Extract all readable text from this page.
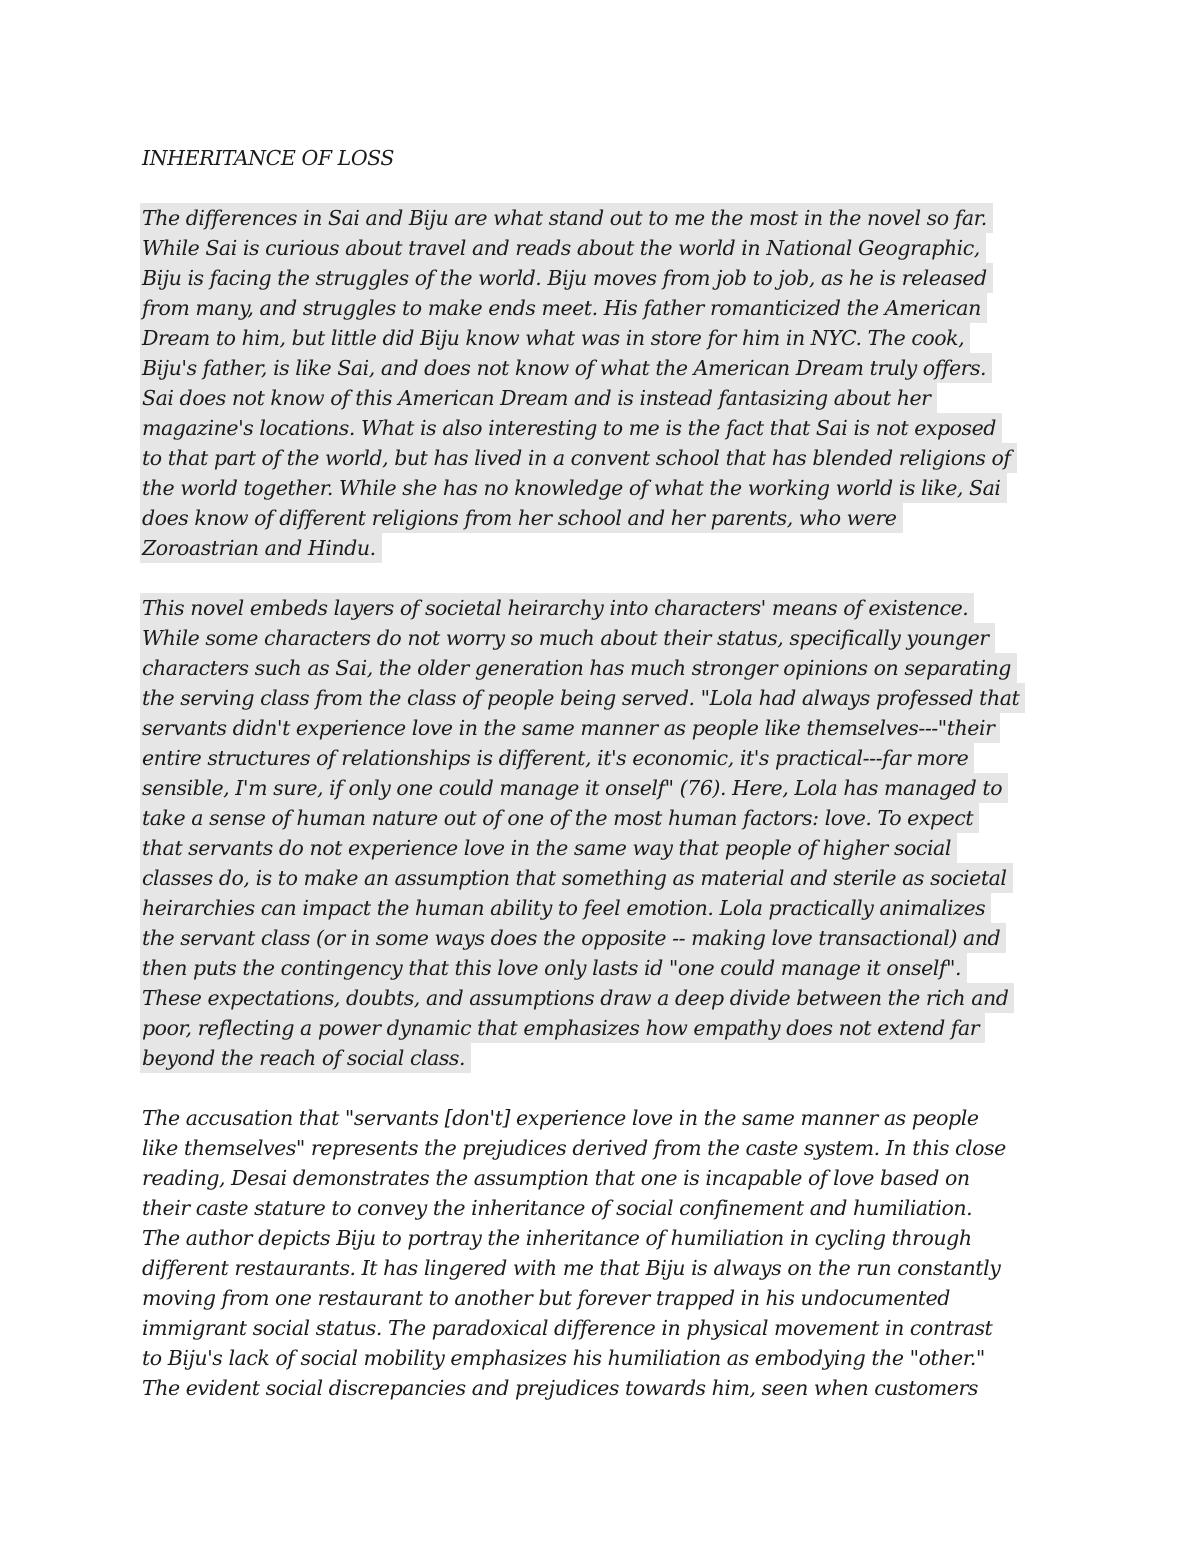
INHERITANCE OF LOSS
The differences in Sai and Biju are what stand out to me the most in the novel so far.
While Sai is curious about travel and reads about the world in National Geographic,
Biju is facing the struggles of the world. Biju moves from job to job, as he is released
from many, and struggles to make ends meet. His father romanticized the American
Dream to him, but little did Biju know what was in store for him in NYC. The cook,
Biju's father, is like Sai, and does not know of what the American Dream truly offers.
Sai does not know of this American Dream and is instead fantasizing about her
magazine's locations. What is also interesting to me is the fact that Sai is not exposed
to that part of the world, but has lived in a convent school that has blended religions of
the world together. While she has no knowledge of what the working world is like, Sai
does know of different religions from her school and her parents, who were
Zoroastrian and Hindu.
This novel embeds layers of societal heirarchy into characters' means of existence.
While some characters do not worry so much about their status, specifically younger
characters such as Sai, the older generation has much stronger opinions on separating
the serving class from the class of people being served. "Lola had always professed that
servants didn't experience love in the same manner as people like themselves---"their
entire structures of relationships is different, it's economic, it's practical---far more
sensible, I'm sure, if only one could manage it onself" (76). Here, Lola has managed to
take a sense of human nature out of one of the most human factors: love. To expect
that servants do not experience love in the same way that people of higher social
classes do, is to make an assumption that something as material and sterile as societal
heirarchies can impact the human ability to feel emotion. Lola practically animalizes
the servant class (or in some ways does the opposite -- making love transactional) and
then puts the contingency that this love only lasts id "one could manage it onself".
These expectations, doubts, and assumptions draw a deep divide between the rich and
poor, reflecting a power dynamic that emphasizes how empathy does not extend far
beyond the reach of social class.
The accusation that "servants [don't] experience love in the same manner as people
like themselves" represents the prejudices derived from the caste system. In this close
reading, Desai demonstrates the assumption that one is incapable of love based on
their caste stature to convey the inheritance of social confinement and humiliation.
The author depicts Biju to portray the inheritance of humiliation in cycling through
different restaurants. It has lingered with me that Biju is always on the run constantly
moving from one restaurant to another but forever trapped in his undocumented
immigrant social status. The paradoxical difference in physical movement in contrast
to Biju's lack of social mobility emphasizes his humiliation as embodying the "other."
The evident social discrepancies and prejudices towards him, seen when customers
